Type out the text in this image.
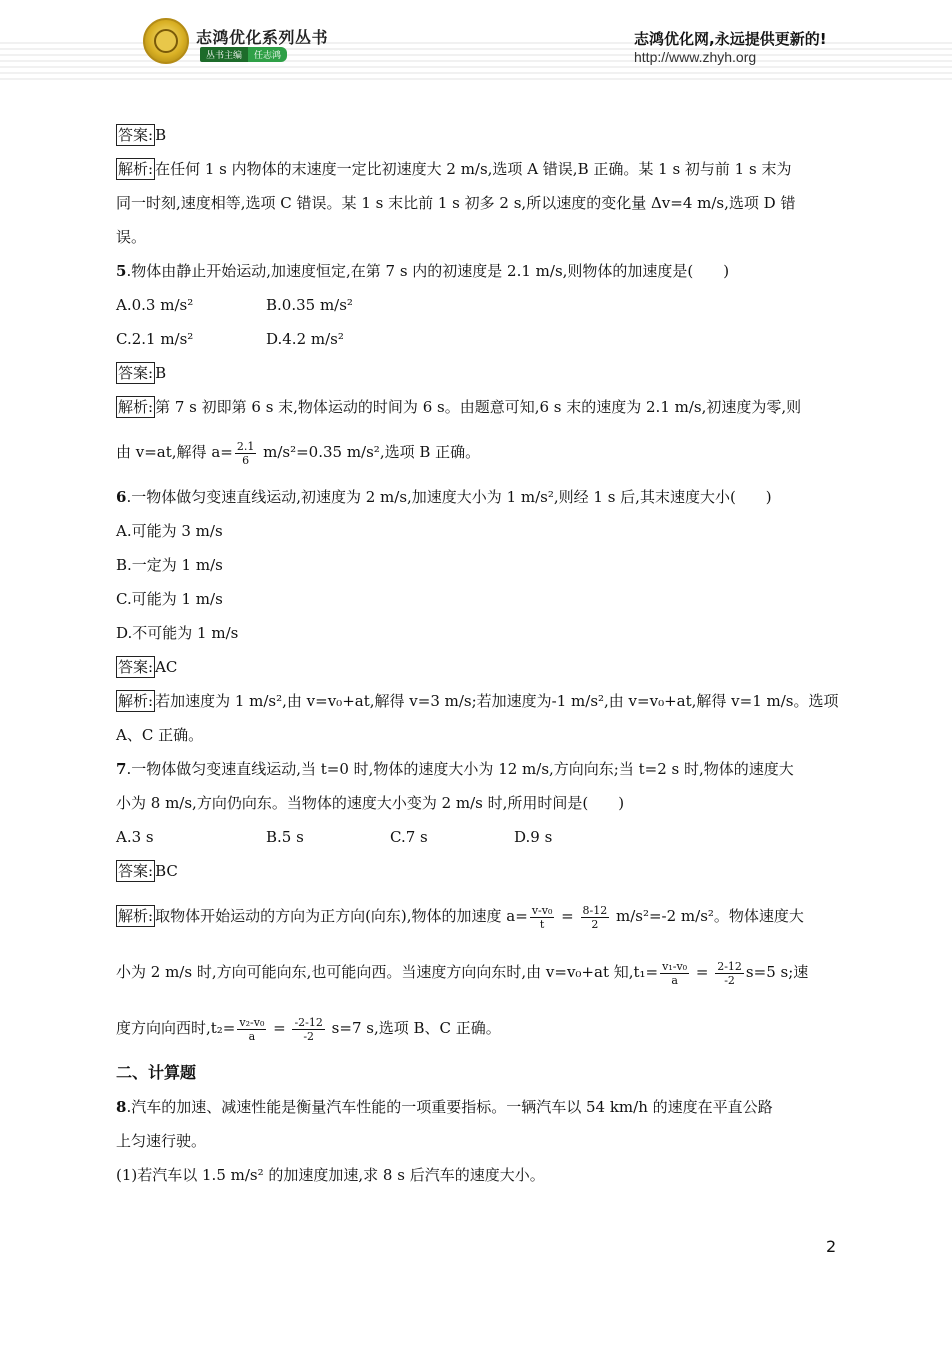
志鸿优化系列丛书
丛书主编	任志鸿
志鸿优化网,永远提供更新的!
http://www.zhyh.org
答案: B
解析: 在任何 1 s 内物体的末速度一定比初速度大 2 m/s,选项 A 错误,B 正确。某 1 s 初与前 1 s 末为
同一时刻,速度相等,选项 C 错误。某 1 s 末比前 1 s 初多 2 s,所以速度的变化量 Δv=4 m/s,选项 D 错
误。
5.物体由静止开始运动,加速度恒定,在第 7 s 内的初速度是 2.1 m/s,则物体的加速度是(　　)
A.0.3 m/s²	B.0.35 m/s²
C.2.1 m/s²	D.4.2 m/s²
答案: B
解析: 第 7 s 初即第 6 s 末,物体运动的时间为 6 s。由题意可知,6 s 末的速度为 2.1 m/s,初速度为零,则
由 v=at,解得 $a= \frac{2.1}{6} m/s^2=0.35$ m/s²,选项 B 正确。
6.一物体做匀变速直线运动,初速度为 2 m/s,加速度大小为 1 m/s²,则经 1 s 后,其末速度大小(　　)
A.可能为 3 m/s
B.一定为 1 m/s
C.可能为 1 m/s
D.不可能为 1 m/s
答案: AC
解析: 若加速度为 1 m/s²,由 v=v₀+at,解得 v=3 m/s;若加速度为-1 m/s²,由 v=v₀+at,解得 v=1 m/s。选项
A、C 正确。
7.一物体做匀变速直线运动,当 t=0 时,物体的速度大小为 12 m/s,方向向东;当 t=2 s 时,物体的速度大
小为 8 m/s,方向仍向东。当物体的速度大小变为 2 m/s 时,所用时间是(　　)
A.3 s	B.5 s	C.7 s	D.9 s
答案: BC
解析: 取物体开始运动的方向为正方向(向东),物体的加速度 $a= \frac{\text{v-v₀}}{t} = \frac{8-12}{2} m/s^2=-2$ m/s²。物体速度大
小为 2 m/s 时,方向可能向东,也可能向西。当速度方向向东时,由 v=v₀+at 知$,t_1= \frac{\text{v₁-v₀}}{a} = \frac{2-12}{-2} s=5$ s;速
度方向向西时$,t_2= \frac{\text{v₂-v₀}}{a} = \frac{-2-12}{-2} s=7$ s,选项 B、C 正确。
二、计算题
8.汽车的加速、减速性能是衡量汽车性能的一项重要指标。一辆汽车以 54 km/h 的速度在平直公路
上匀速行驶。
(1)若汽车以 1.5 m/s² 的加速度加速,求 8 s 后汽车的速度大小。
2
